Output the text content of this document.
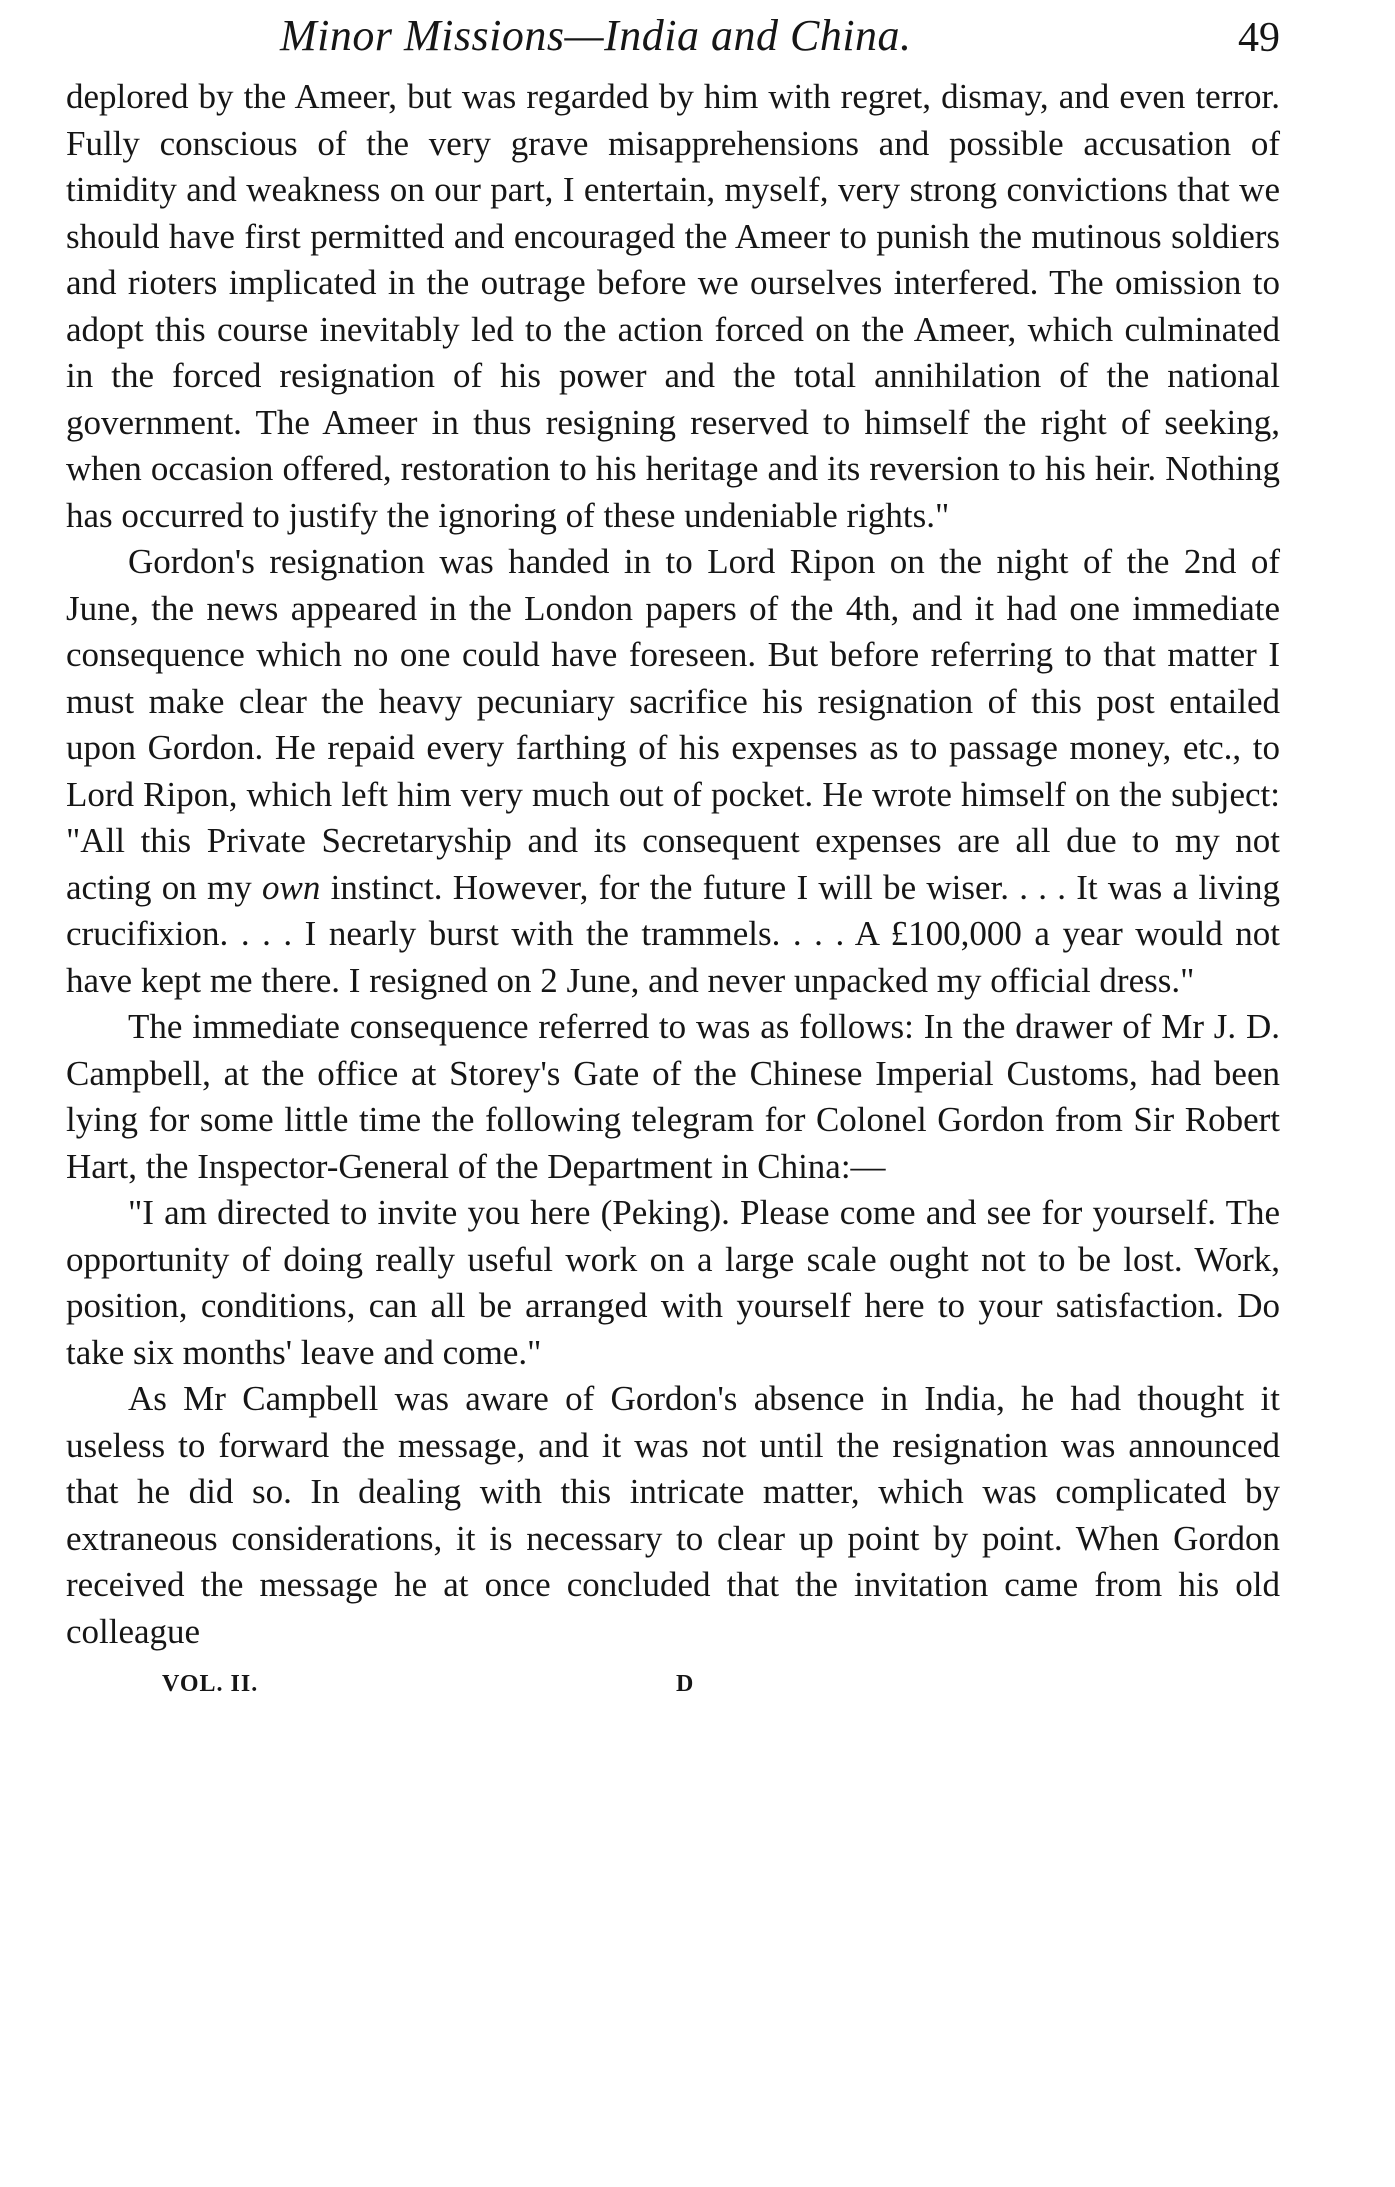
Minor Missions—India and China.	49

deplored by the Ameer, but was regarded by him with regret, dismay, and even terror. Fully conscious of the very grave misapprehensions and possible accusation of timidity and weakness on our part, I entertain, myself, very strong convictions that we should have first permitted and encouraged the Ameer to punish the mutinous soldiers and rioters implicated in the outrage before we ourselves interfered. The omission to adopt this course inevitably led to the action forced on the Ameer, which culminated in the forced resignation of his power and the total annihilation of the national government. The Ameer in thus resigning reserved to himself the right of seeking, when occasion offered, restoration to his heritage and its reversion to his heir. Nothing has occurred to justify the ignoring of these undeniable rights."

Gordon's resignation was handed in to Lord Ripon on the night of the 2nd of June, the news appeared in the London papers of the 4th, and it had one immediate consequence which no one could have foreseen. But before referring to that matter I must make clear the heavy pecuniary sacrifice his resignation of this post entailed upon Gordon. He repaid every farthing of his expenses as to passage money, etc., to Lord Ripon, which left him very much out of pocket. He wrote himself on the subject: "All this Private Secretaryship and its consequent expenses are all due to my not acting on my own instinct. However, for the future I will be wiser. . . . It was a living crucifixion. . . . I nearly burst with the trammels. . . . A £100,000 a year would not have kept me there. I resigned on 2 June, and never unpacked my official dress."

The immediate consequence referred to was as follows: In the drawer of Mr J. D. Campbell, at the office at Storey's Gate of the Chinese Imperial Customs, had been lying for some little time the following telegram for Colonel Gordon from Sir Robert Hart, the Inspector-General of the Department in China:—

"I am directed to invite you here (Peking). Please come and see for yourself. The opportunity of doing really useful work on a large scale ought not to be lost. Work, position, conditions, can all be arranged with yourself here to your satisfaction. Do take six months' leave and come."

As Mr Campbell was aware of Gordon's absence in India, he had thought it useless to forward the message, and it was not until the resignation was announced that he did so. In dealing with this intricate matter, which was complicated by extraneous considerations, it is necessary to clear up point by point. When Gordon received the message he at once concluded that the invitation came from his old colleague

VOL. II.	D
